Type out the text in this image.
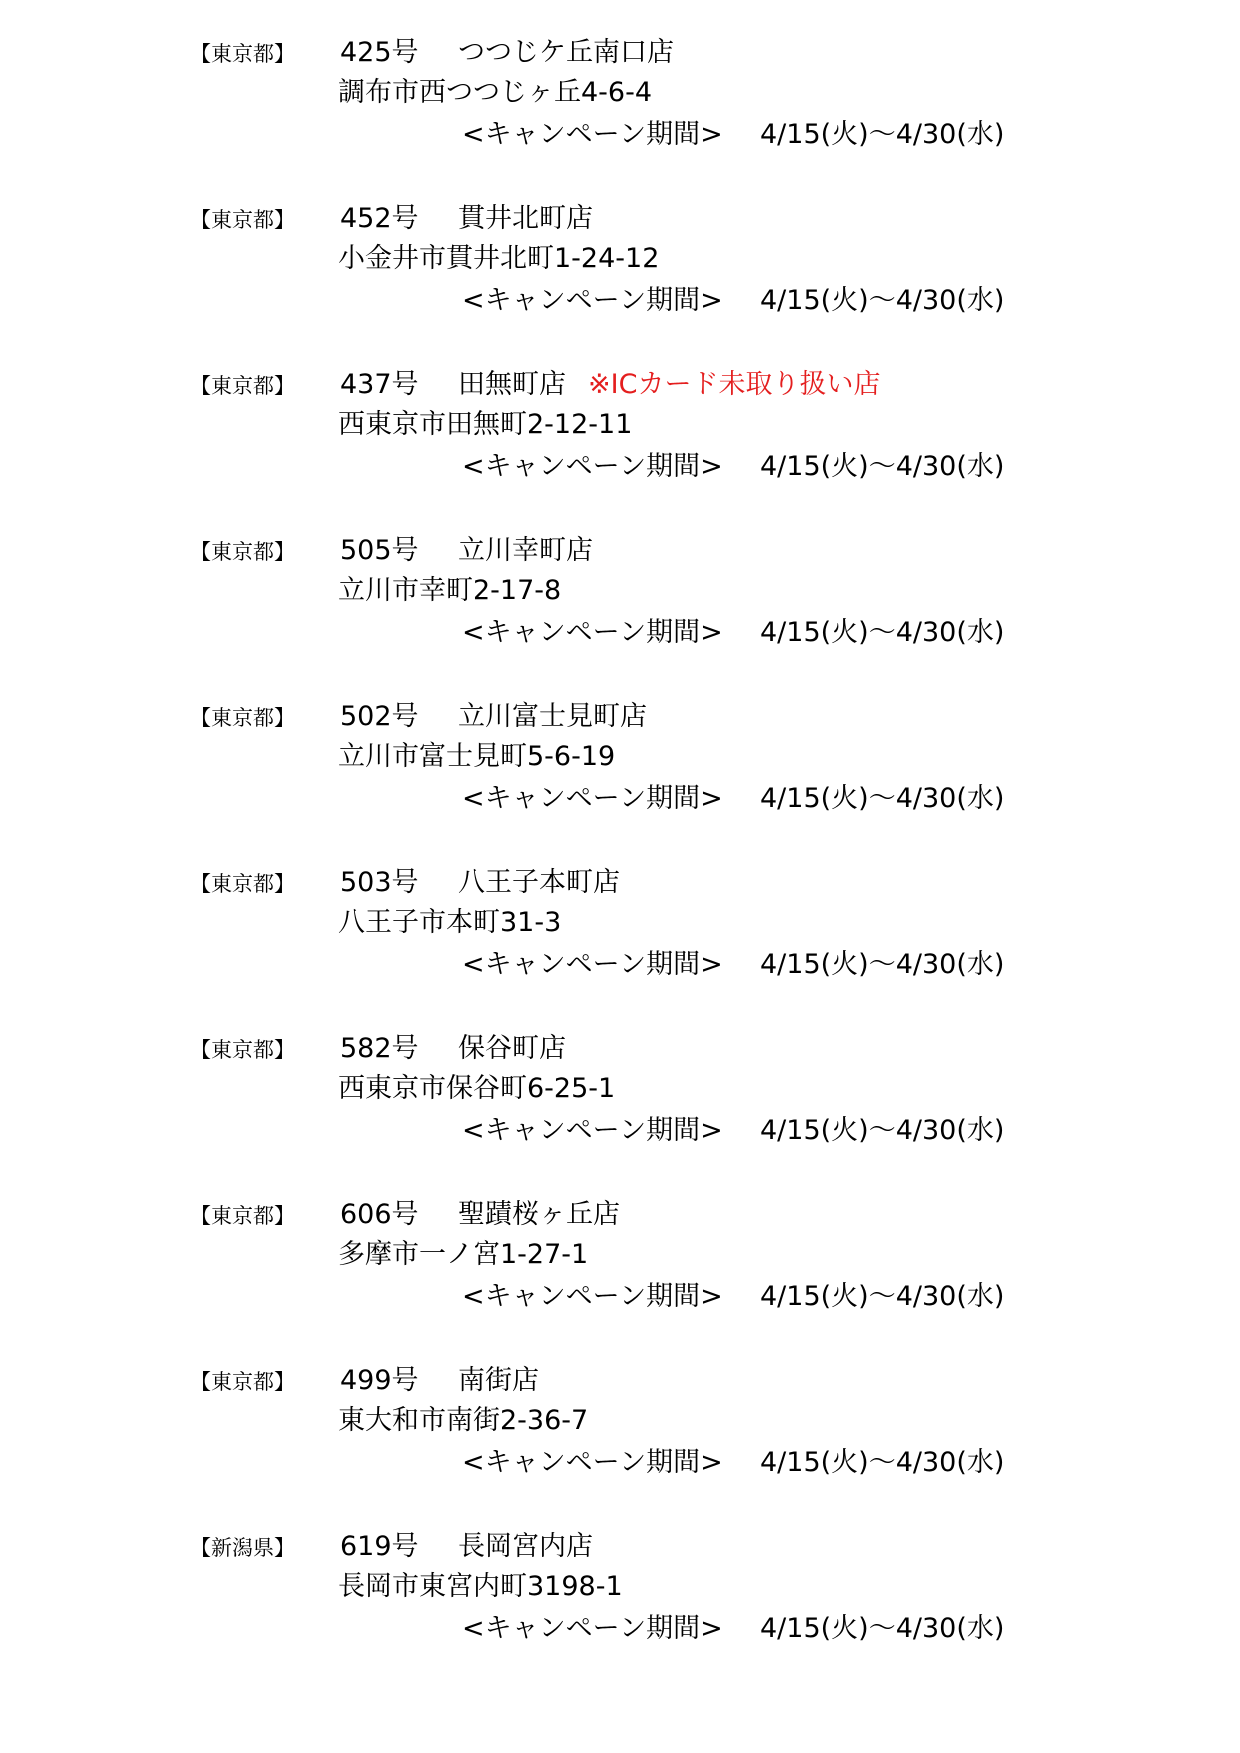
【東京都】 425号 つつじケ丘南口店
調布市西つつじヶ丘4-6-4
<キャンペーン期間> 4/15(火)～4/30(水)
【東京都】 452号 貫井北町店
小金井市貫井北町1-24-12
<キャンペーン期間> 4/15(火)～4/30(水)
【東京都】 437号 田無町店 ※ICカード未取り扱い店
西東京市田無町2-12-11
<キャンペーン期間> 4/15(火)～4/30(水)
【東京都】 505号 立川幸町店
立川市幸町2-17-8
<キャンペーン期間> 4/15(火)～4/30(水)
【東京都】 502号 立川富士見町店
立川市富士見町5-6-19
<キャンペーン期間> 4/15(火)～4/30(水)
【東京都】 503号 八王子本町店
八王子市本町31-3
<キャンペーン期間> 4/15(火)～4/30(水)
【東京都】 582号 保谷町店
西東京市保谷町6-25-1
<キャンペーン期間> 4/15(火)～4/30(水)
【東京都】 606号 聖蹟桜ヶ丘店
多摩市一ノ宮1-27-1
<キャンペーン期間> 4/15(火)～4/30(水)
【東京都】 499号 南街店
東大和市南街2-36-7
<キャンペーン期間> 4/15(火)～4/30(水)
【新潟県】 619号 長岡宮内店
長岡市東宮内町3198-1
<キャンペーン期間> 4/15(火)～4/30(水)
